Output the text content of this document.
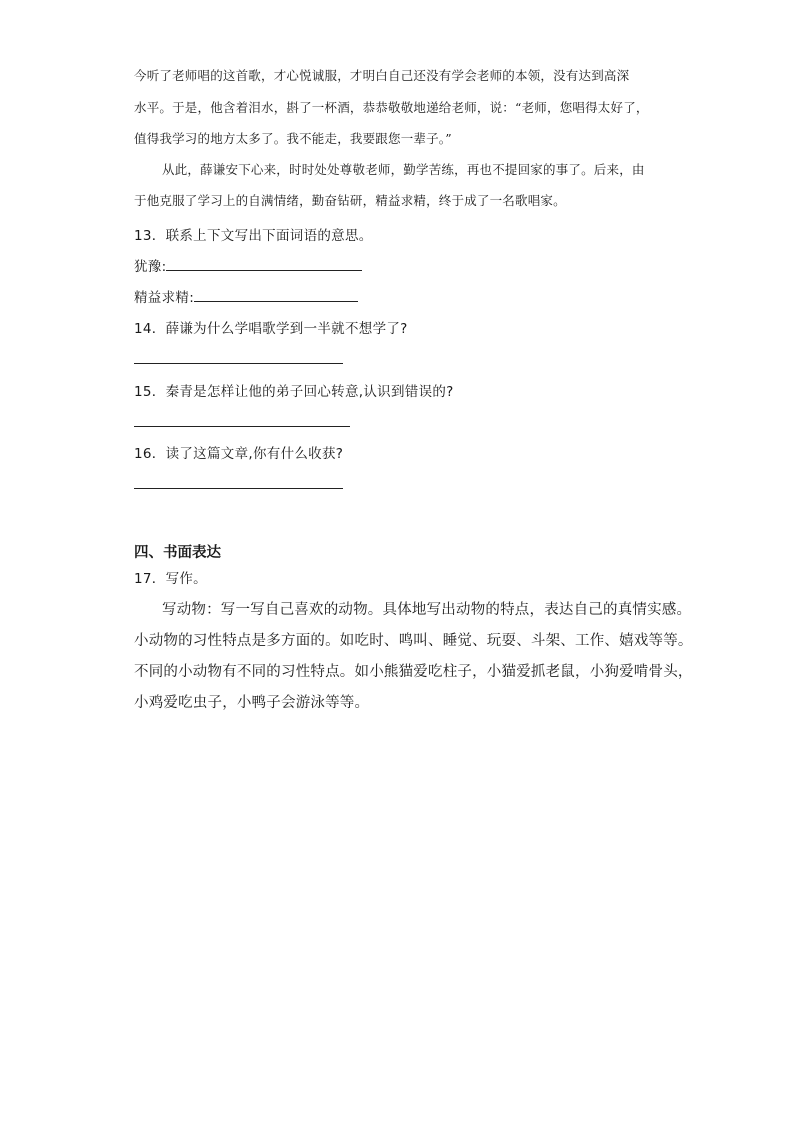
今听了老师唱的这首歌，才心悦诚服，才明白自己还没有学会老师的本领，没有达到高深
水平。于是，他含着泪水，斟了一杯酒，恭恭敬敬地递给老师，说：“老师，您唱得太好了，
值得我学习的地方太多了。我不能走，我要跟您一辈子。”
从此，薛谦安下心来，时时处处尊敬老师，勤学苦练，再也不提回家的事了。后来，由
于他克服了学习上的自满情绪，勤奋钻研，精益求精，终于成了一名歌唱家。
13．联系上下文写出下面词语的意思。
犹豫:
精益求精:
14．薛谦为什么学唱歌学到一半就不想学了?
15．秦青是怎样让他的弟子回心转意,认识到错误的?
16．读了这篇文章,你有什么收获?
四、书面表达
17．写作。
写动物：写一写自己喜欢的动物。具体地写出动物的特点，表达自己的真情实感。
小动物的习性特点是多方面的。如吃时、鸣叫、睡觉、玩耍、斗架、工作、嬉戏等等。
不同的小动物有不同的习性特点。如小熊猫爱吃柱子，小猫爱抓老鼠，小狗爱啃骨头，
小鸡爱吃虫子，小鸭子会游泳等等。
